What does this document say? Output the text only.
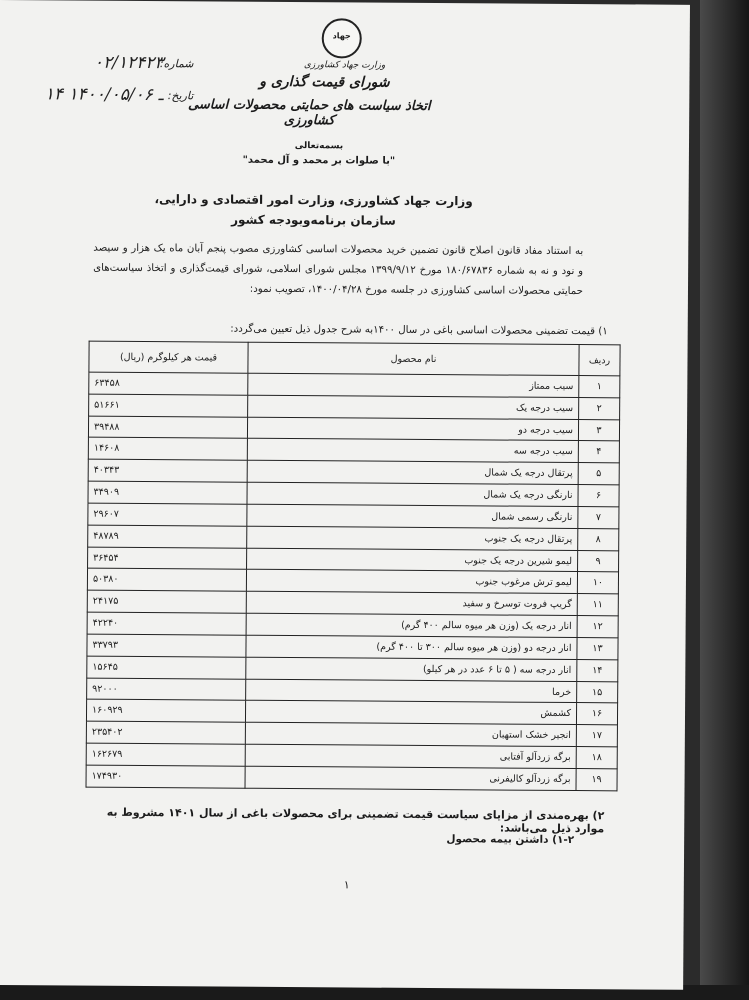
جهاد
وزارت جهاد کشاورزی
شورای قیمت گذاری و
اتخاذ سیاست های حمایتی محصولات اساسی کشاورزی
شماره:
۰۲/۱۲۴۲۳
تاریخ:
۱۴ ـ ۱۴۰۰/۰۵/۰۶
بسمه‌تعالی
"با صلوات بر محمد و آل محمد"
وزارت جهاد کشاورزی، وزارت امور اقتصادی و دارایی،
سازمان برنامه‌وبودجه کشور
به استناد مفاد قانون اصلاح قانون تضمین خرید محصولات اساسی کشاورزی مصوب پنجم آبان ماه یک هزار و سیصد و نود و نه به شماره ۱۸۰/۶۷۸۳۶ مورخ ۱۳۹۹/۹/۱۲ مجلس شورای اسلامی، شورای قیمت‌گذاری و اتخاذ سیاست‌های حمایتی محصولات اساسی کشاورزی در جلسه مورخ ۱۴۰۰/۰۴/۲۸، تصویب نمود:
۱) قیمت تضمینی محصولات اساسی باغی در سال ۱۴۰۰به شرح جدول ذیل تعیین می‌گردد:
ردیف	نام محصول	قیمت هر کیلوگرم (ریال)
۱	سیب ممتاز	۶۳۴۵۸
۲	سیب درجه یک	۵۱۶۶۱
۳	سیب درجه دو	۳۹۴۸۸
۴	سیب درجه سه	۱۴۶۰۸
۵	پرتقال درجه یک شمال	۴۰۳۴۳
۶	نارنگی درجه یک شمال	۳۴۹۰۹
۷	نارنگی رسمی شمال	۲۹۶۰۷
۸	پرتقال درجه یک جنوب	۴۸۷۸۹
۹	لیمو شیرین درجه یک جنوب	۳۶۴۵۴
۱۰	لیمو ترش مرغوب جنوب	۵۰۳۸۰
۱۱	گریپ فروت توسرخ و سفید	۲۴۱۷۵
۱۲	انار درجه یک (وزن هر میوه سالم ۴۰۰ گرم)	۴۲۲۴۰
۱۳	انار درجه دو (وزن هر میوه سالم ۳۰۰ تا ۴۰۰ گرم)	۳۳۷۹۳
۱۴	انار درجه سه ( ۵ تا ۶ عدد در هر کیلو)	۱۵۶۴۵
۱۵	خرما	۹۲۰۰۰
۱۶	کشمش	۱۶۰۹۲۹
۱۷	انجیر خشک استهبان	۲۳۵۴۰۲
۱۸	برگه زردآلو آفتابی	۱۶۲۶۷۹
۱۹	برگه زردآلو کالیفرنی	۱۷۴۹۳۰
۲) بهره‌مندی از مزایای سیاست قیمت تضمینی برای محصولات باغی از سال ۱۴۰۱ مشروط به موارد ذیل می‌باشد:
۱-۲) داشتن بیمه محصول
۱
